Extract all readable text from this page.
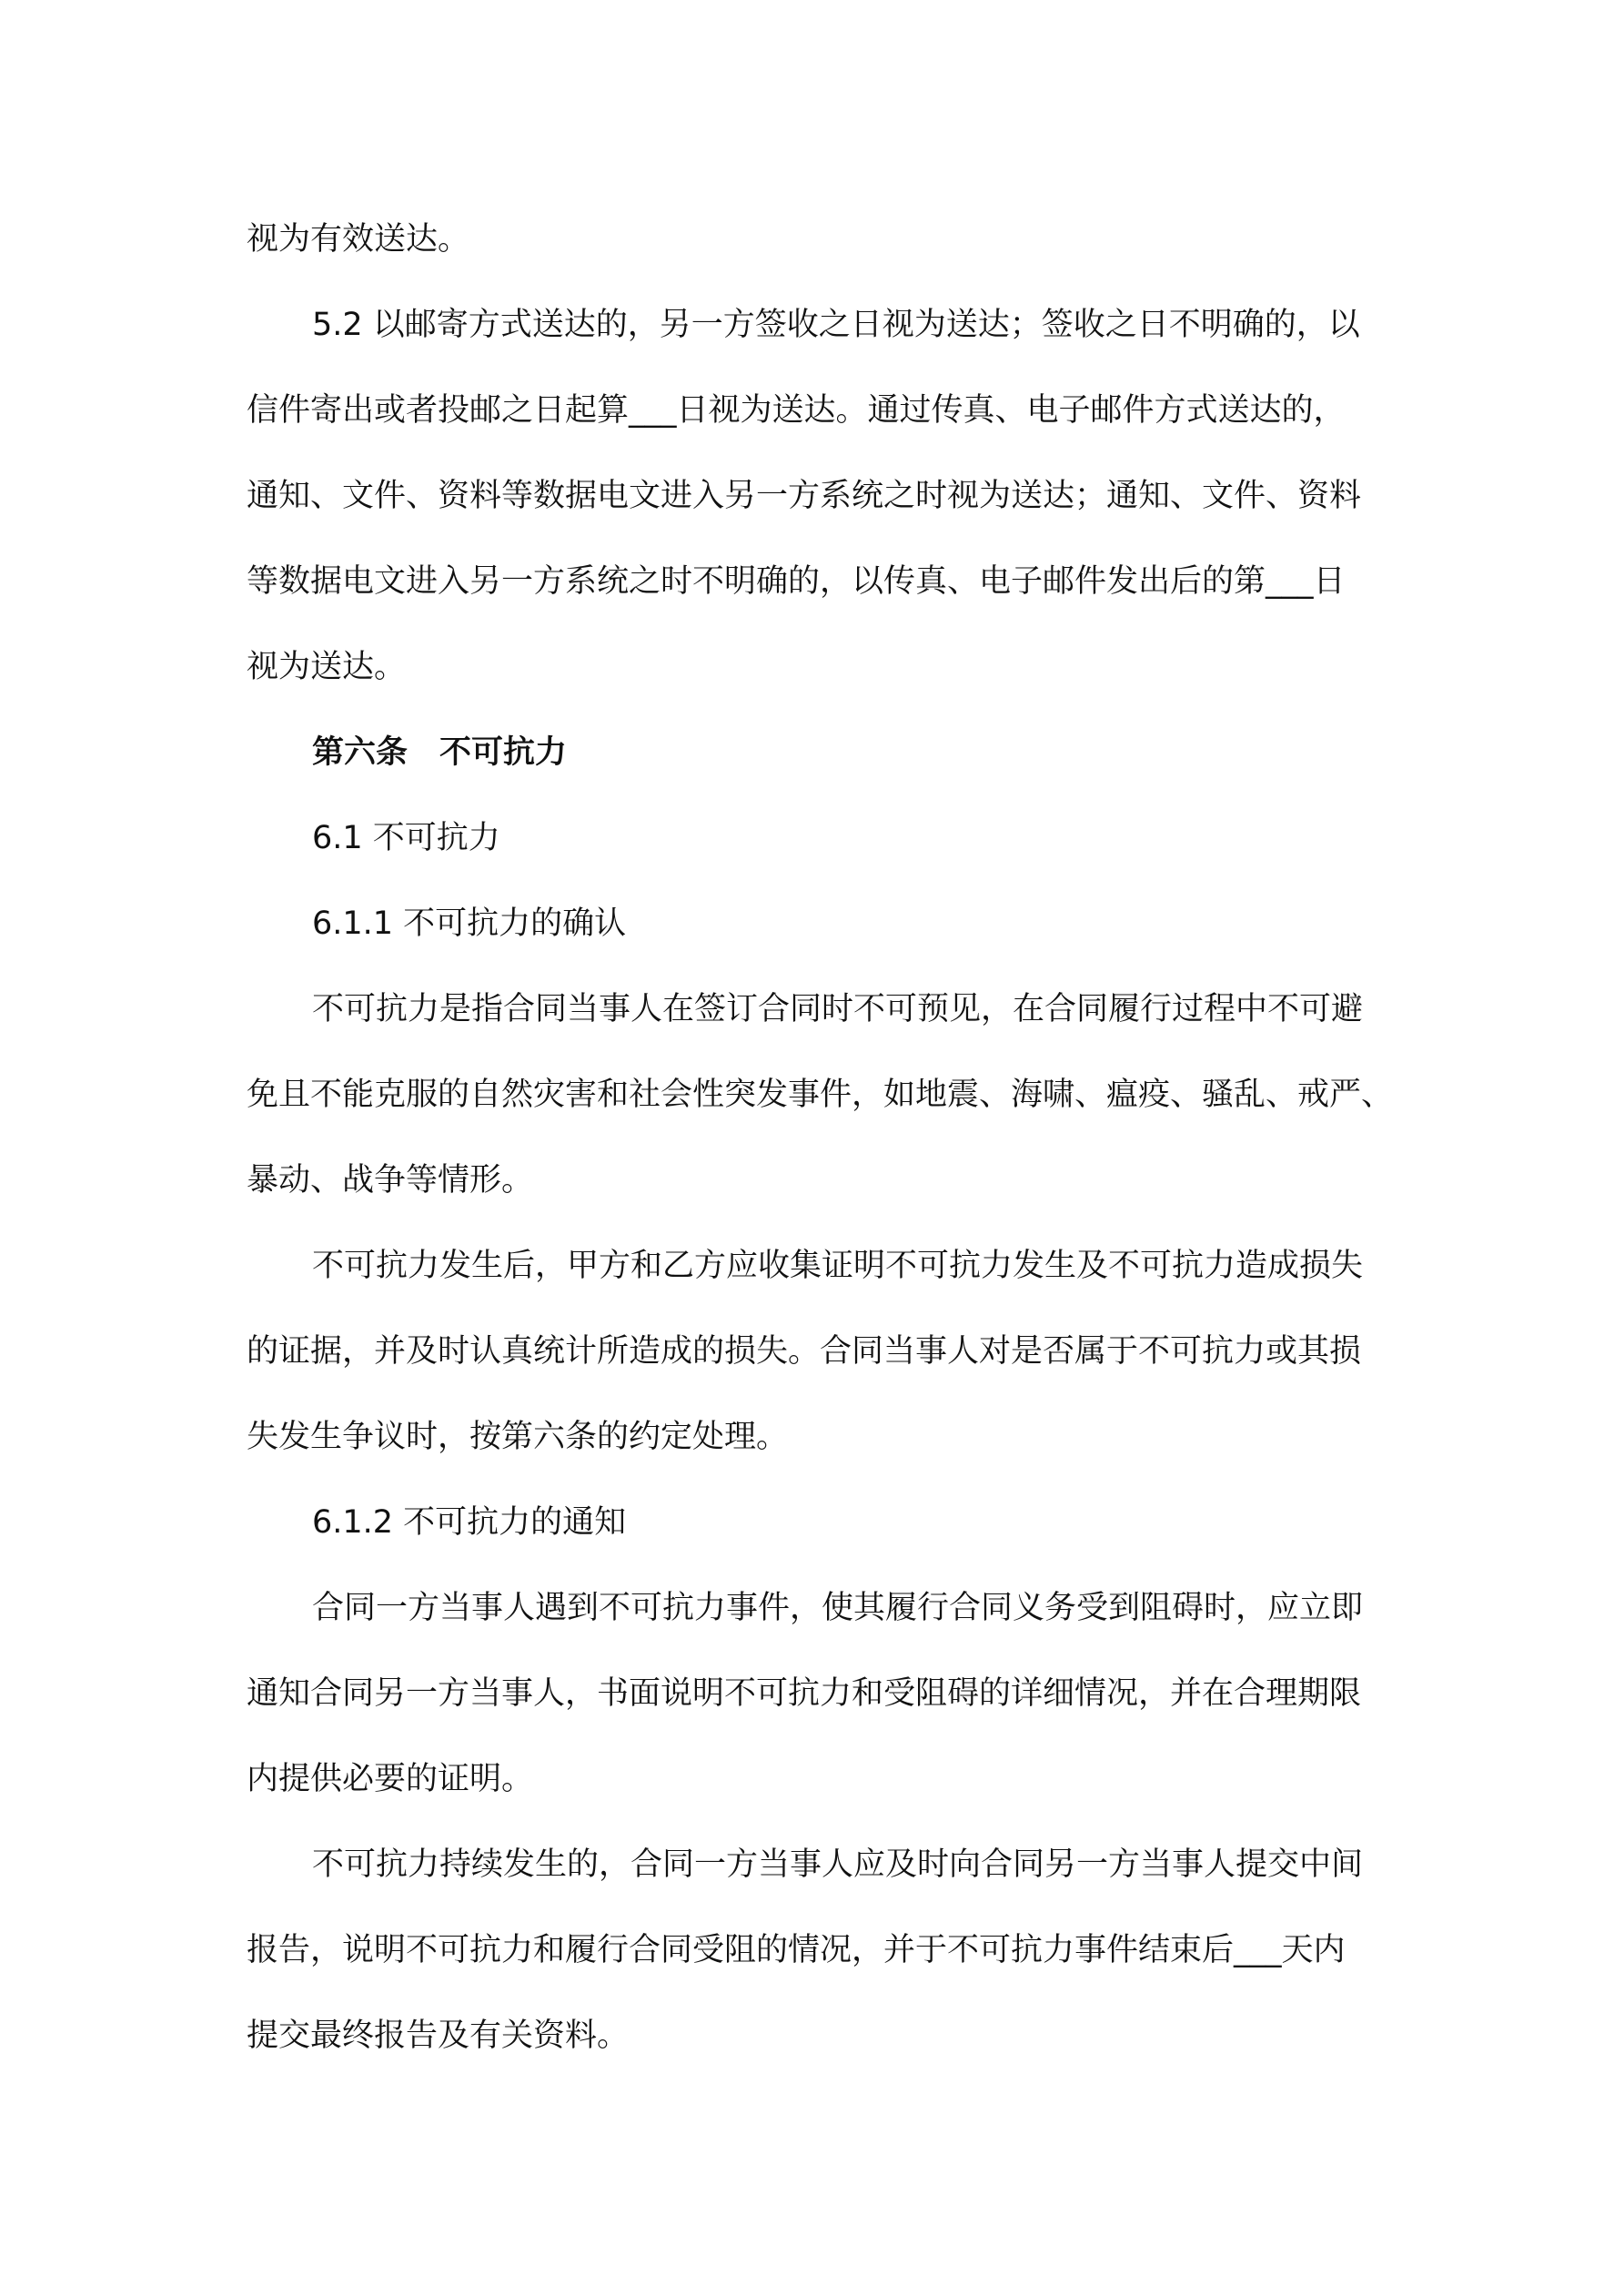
视为有效送达。
5.2 以邮寄方式送达的，另一方签收之日视为送达；签收之日不明确的，以
信件寄出或者投邮之日起算___日视为送达。通过传真、电子邮件方式送达的，
通知、文件、资料等数据电文进入另一方系统之时视为送达；通知、文件、资料
等数据电文进入另一方系统之时不明确的，以传真、电子邮件发出后的第___日
视为送达。
第六条　不可抗力
6.1 不可抗力
6.1.1 不可抗力的确认
不可抗力是指合同当事人在签订合同时不可预见，在合同履行过程中不可避
免且不能克服的自然灾害和社会性突发事件，如地震、海啸、瘟疫、骚乱、戒严、
暴动、战争等情形。
不可抗力发生后，甲方和乙方应收集证明不可抗力发生及不可抗力造成损失
的证据，并及时认真统计所造成的损失。合同当事人对是否属于不可抗力或其损
失发生争议时，按第六条的约定处理。
6.1.2 不可抗力的通知
合同一方当事人遇到不可抗力事件，使其履行合同义务受到阻碍时，应立即
通知合同另一方当事人，书面说明不可抗力和受阻碍的详细情况，并在合理期限
内提供必要的证明。
不可抗力持续发生的，合同一方当事人应及时向合同另一方当事人提交中间
报告，说明不可抗力和履行合同受阻的情况，并于不可抗力事件结束后___天内
提交最终报告及有关资料。
